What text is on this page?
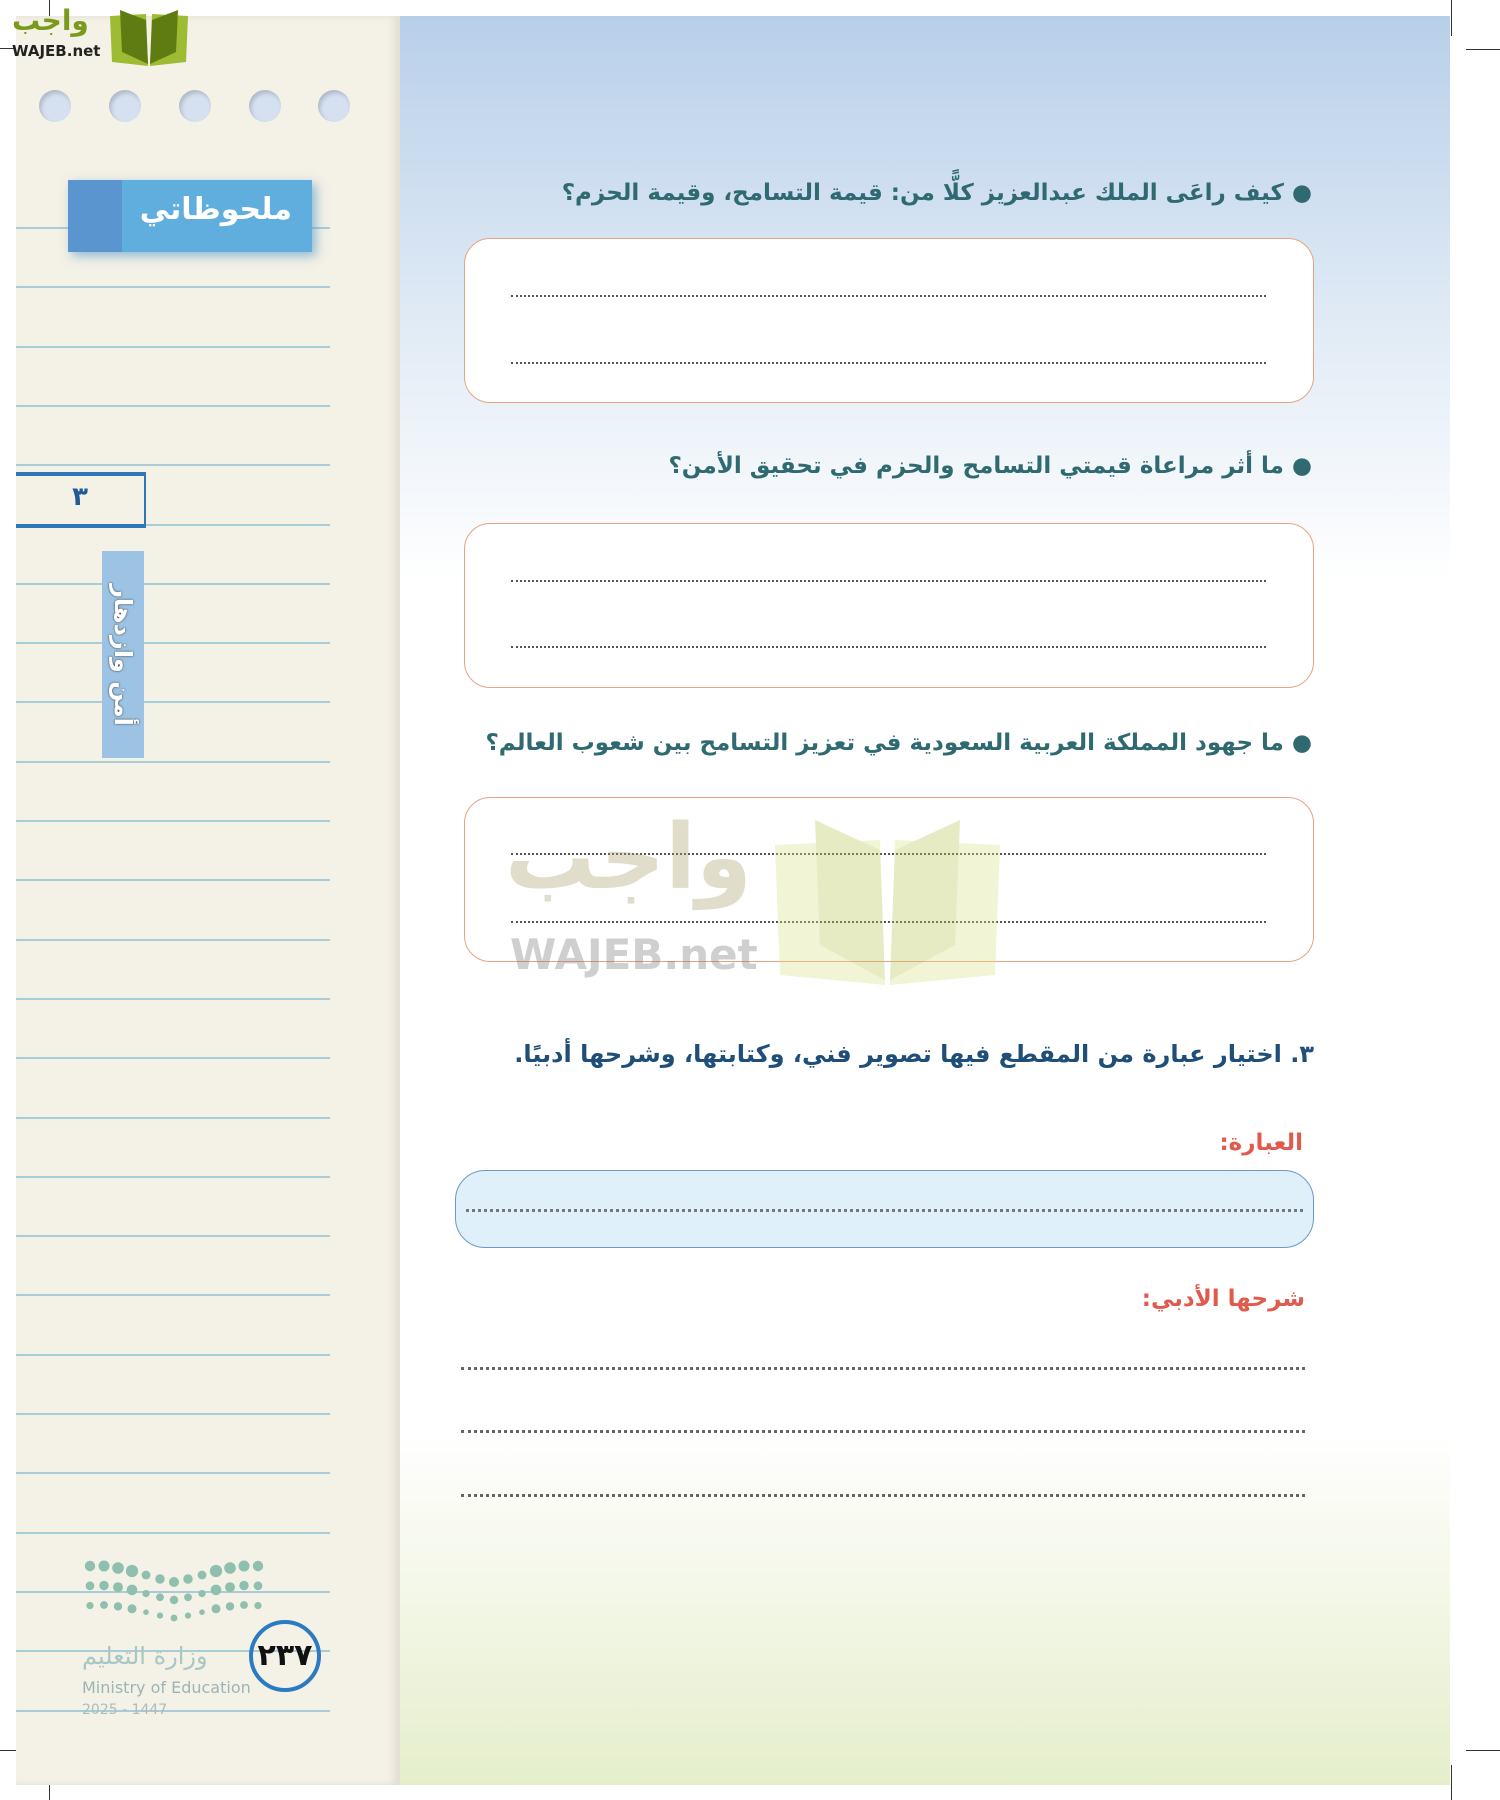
ملحوظاتي
٣
أمن وازدهار
وزارة التعليم
Ministry of Education
2025 - 1447
٢٣٧
واجب
WAJEB.net
● كيف راعَى الملك عبدالعزيز كلًّا من: قيمة التسامح، وقيمة الحزم؟
● ما أثر مراعاة قيمتي التسامح والحزم في تحقيق الأمن؟
● ما جهود المملكة العربية السعودية في تعزيز التسامح بين شعوب العالم؟
واجب
WAJEB.net
٣. اختيار عبارة من المقطع فيها تصوير فني، وكتابتها، وشرحها أدبيًا.
العبارة:
شرحها الأدبي:
